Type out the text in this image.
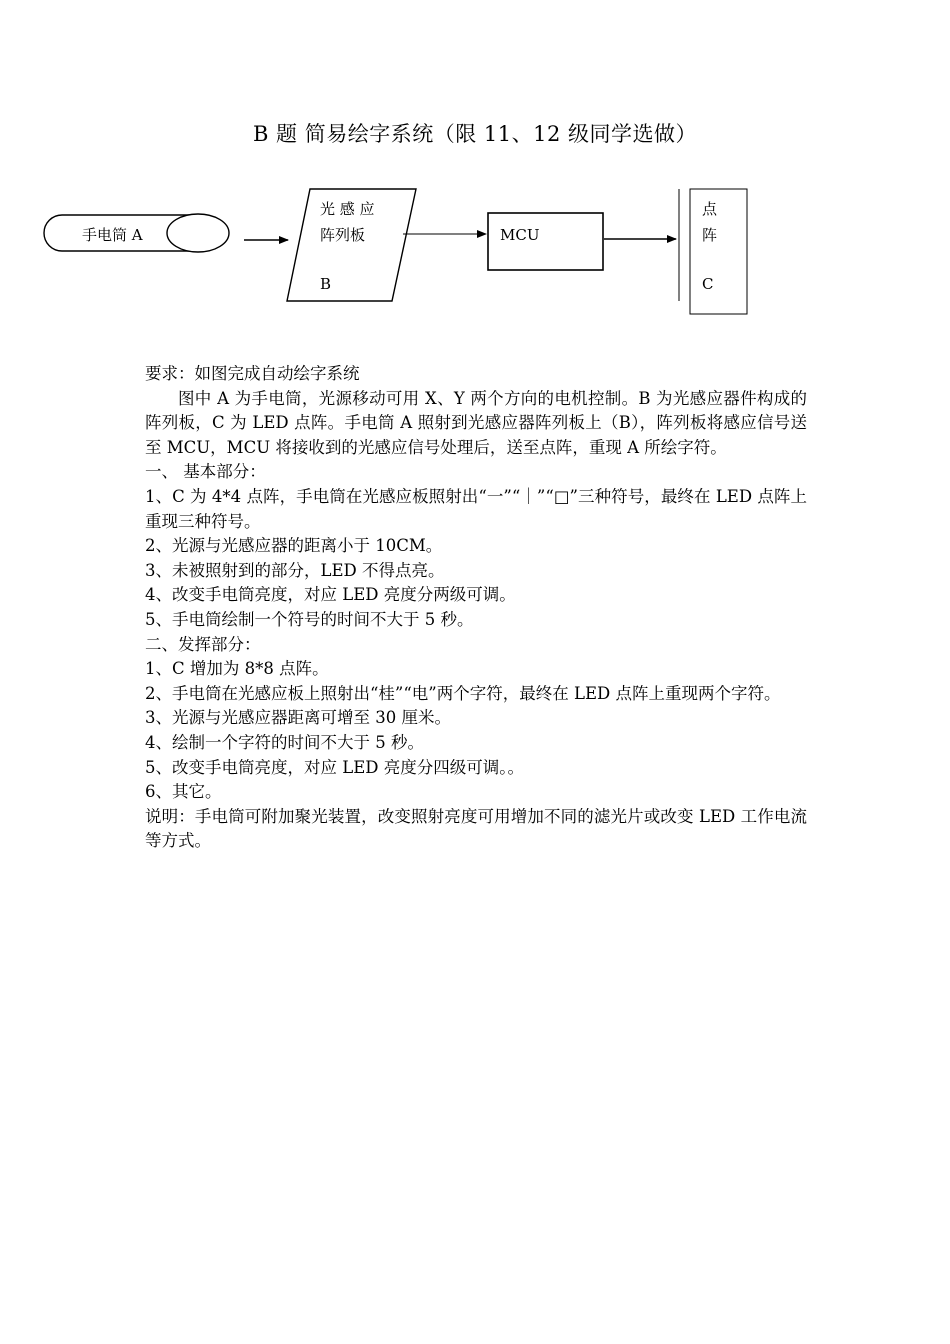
B 题 简易绘字系统（限 11、12 级同学选做）
手电筒 A
光 感 应
阵列板
B
MCU
点
阵
C

要求：如图完成自动绘字系统

图中 A 为手电筒，光源移动可用 X、Y 两个方向的电机控制。B 为光感应器件构成的阵列板，C 为 LED 点阵。手电筒 A 照射到光感应器阵列板上（B），阵列板将感应信号送至 MCU，MCU 将接收到的光感应信号处理后，送至点阵，重现 A 所绘字符。

一、 基本部分：

1、C 为 4*4 点阵，手电筒在光感应板照射出“一”“｜”“□”三种符号，最终在 LED 点阵上重现三种符号。

2、光源与光感应器的距离小于 10CM。

3、未被照射到的部分，LED 不得点亮。

4、改变手电筒亮度，对应 LED 亮度分两级可调。

5、手电筒绘制一个符号的时间不大于 5 秒。

二、发挥部分：

1、C 增加为 8*8 点阵。

2、手电筒在光感应板上照射出“桂”“电”两个字符，最终在 LED 点阵上重现两个字符。

3、光源与光感应器距离可增至 30 厘米。

4、绘制一个字符的时间不大于 5 秒。

5、改变手电筒亮度，对应 LED 亮度分四级可调。。

6、其它。

说明：手电筒可附加聚光装置，改变照射亮度可用增加不同的滤光片或改变 LED 工作电流等方式。
